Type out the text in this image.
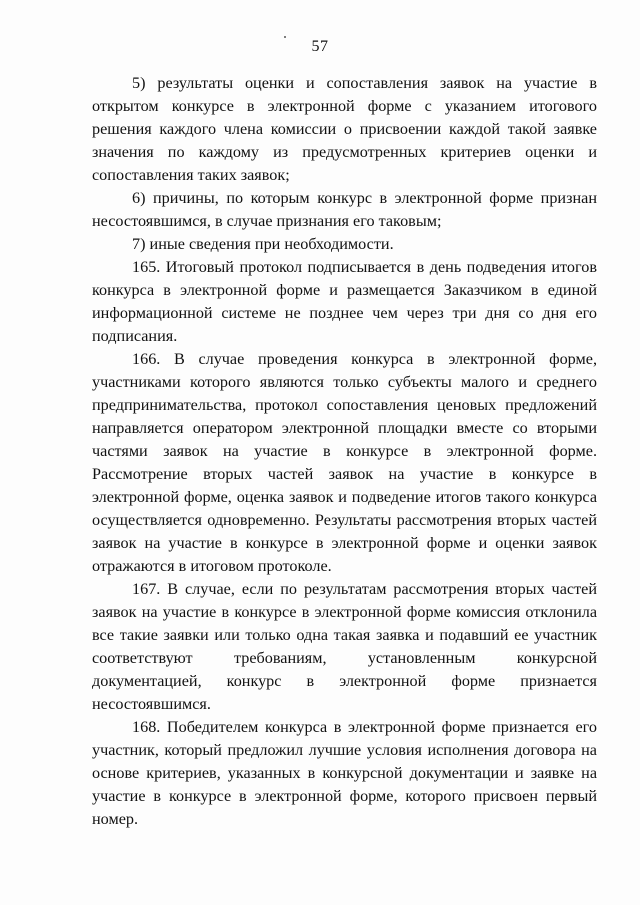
57

5) результаты оценки и сопоставления заявок на участие в открытом конкурсе в электронной форме с указанием итогового решения каждого члена комиссии о присвоении каждой такой заявке значения по каждому из предусмотренных критериев оценки и сопоставления таких заявок;

6) причины, по которым конкурс в электронной форме признан несостоявшимся, в случае признания его таковым;

7) иные сведения при необходимости.

165. Итоговый протокол подписывается в день подведения итогов конкурса в электронной форме и размещается Заказчиком в единой информационной системе не позднее чем через три дня со дня его подписания.

166. В случае проведения конкурса в электронной форме, участниками которого являются только субъекты малого и среднего предпринимательства, протокол сопоставления ценовых предложений направляется оператором электронной площадки вместе со вторыми частями заявок на участие в конкурсе в электронной форме. Рассмотрение вторых частей заявок на участие в конкурсе в электронной форме, оценка заявок и подведение итогов такого конкурса осуществляется одновременно. Результаты рассмотрения вторых частей заявок на участие в конкурсе в электронной форме и оценки заявок отражаются в итоговом протоколе.

167. В случае, если по результатам рассмотрения вторых частей заявок на участие в конкурсе в электронной форме комиссия отклонила все такие заявки или только одна такая заявка и подавший ее участник соответствуют требованиям, установленным конкурсной документацией, конкурс в электронной форме признается несостоявшимся.

168. Победителем конкурса в электронной форме признается его участник, который предложил лучшие условия исполнения договора на основе критериев, указанных в конкурсной документации и заявке на участие в конкурсе в электронной форме, которого присвоен первый номер.
